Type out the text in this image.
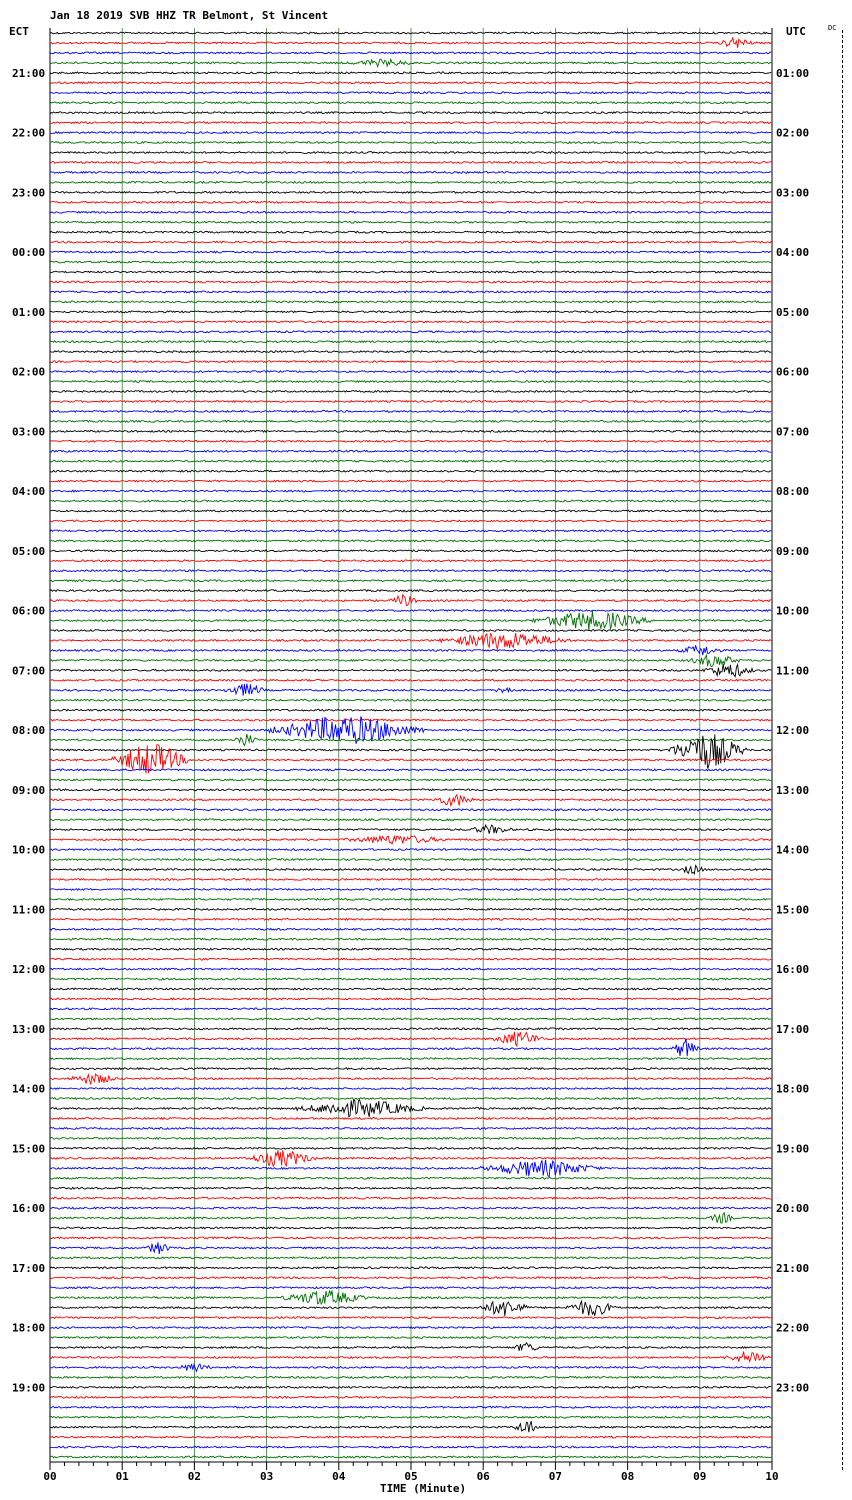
Jan 18 2019 SVB HHZ TR Belmont, St Vincent
ECT	UTC	DC
21:00
22:00
23:00
00:00
01:00
02:00
03:00
04:00
05:00
06:00
07:00
08:00
09:00
10:00
11:00
12:00
13:00
14:00
15:00
16:00
17:00
18:00
19:00
01:00
02:00
03:00
04:00
05:00
06:00
07:00
08:00
09:00
10:00
11:00
12:00
13:00
14:00
15:00
16:00
17:00
18:00
19:00
20:00
21:00
22:00
23:00
00	01	02	03	04	05	06	07	08	09	10
TIME (Minute)
